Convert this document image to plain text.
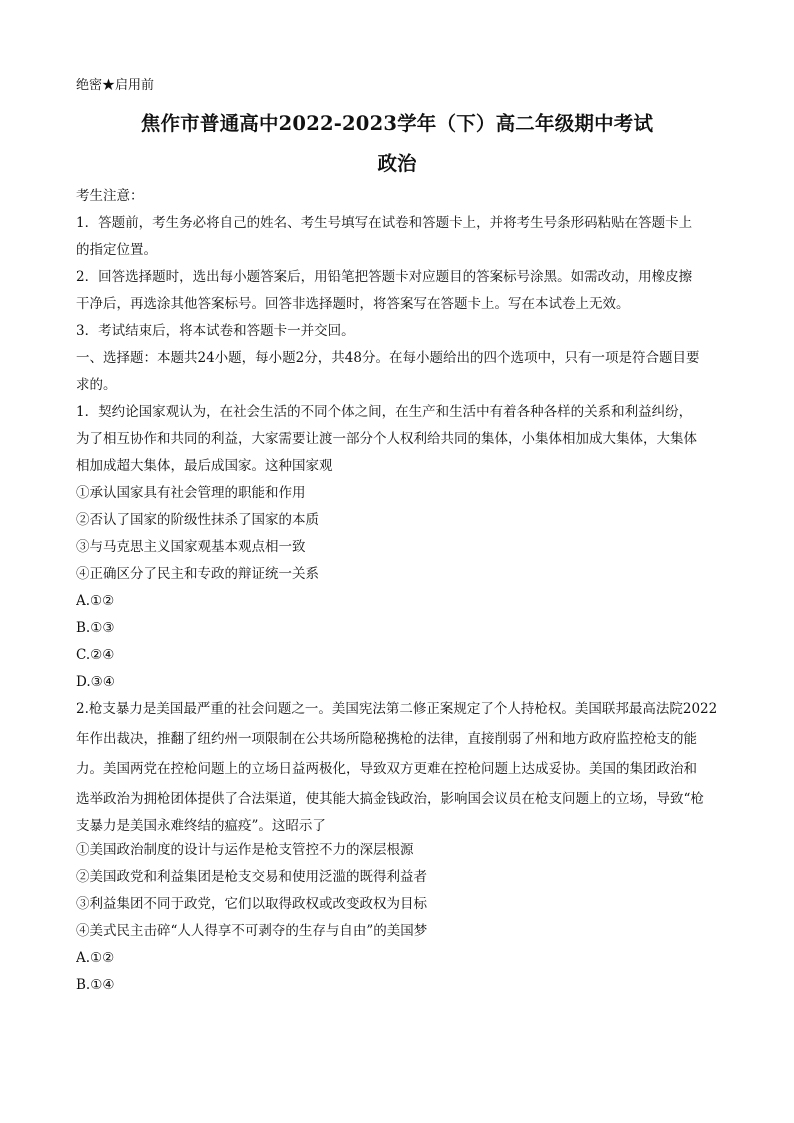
绝密★启用前
焦作市普通高中2022-2023学年（下）高二年级期中考试
政治
考生注意：
1．答题前，考生务必将自己的姓名、考生号填写在试卷和答题卡上，并将考生号条形码粘贴在答题卡上
的指定位置。
2．回答选择题时，选出每小题答案后，用铅笔把答题卡对应题目的答案标号涂黑。如需改动，用橡皮擦
干净后，再选涂其他答案标号。回答非选择题时，将答案写在答题卡上。写在本试卷上无效。
3．考试结束后，将本试卷和答题卡一并交回。
一、选择题：本题共24小题，每小题2分，共48分。在每小题给出的四个选项中，只有一项是符合题目要
求的。
1．契约论国家观认为，在社会生活的不同个体之间，在生产和生活中有着各种各样的关系和利益纠纷，
为了相互协作和共同的利益，大家需要让渡一部分个人权利给共同的集体，小集体相加成大集体，大集体
相加成超大集体，最后成国家。这种国家观
①承认国家具有社会管理的职能和作用
②否认了国家的阶级性抹杀了国家的本质
③与马克思主义国家观基本观点相一致
④正确区分了民主和专政的辩证统一关系
A.①②
B.①③
C.②④
D.③④
2.枪支暴力是美国最严重的社会问题之一。美国宪法第二修正案规定了个人持枪权。美国联邦最高法院2022
年作出裁决，推翻了纽约州一项限制在公共场所隐秘携枪的法律，直接削弱了州和地方政府监控枪支的能
力。美国两党在控枪问题上的立场日益两极化，导致双方更难在控枪问题上达成妥协。美国的集团政治和
选举政治为拥枪团体提供了合法渠道，使其能大搞金钱政治，影响国会议员在枪支问题上的立场，导致“枪
支暴力是美国永难终结的瘟疫”。这昭示了
①美国政治制度的设计与运作是枪支管控不力的深层根源
②美国政党和利益集团是枪支交易和使用泛滥的既得利益者
③利益集团不同于政党，它们以取得政权或改变政权为目标
④美式民主击碎“人人得享不可剥夺的生存与自由”的美国梦
A.①②
B.①④
